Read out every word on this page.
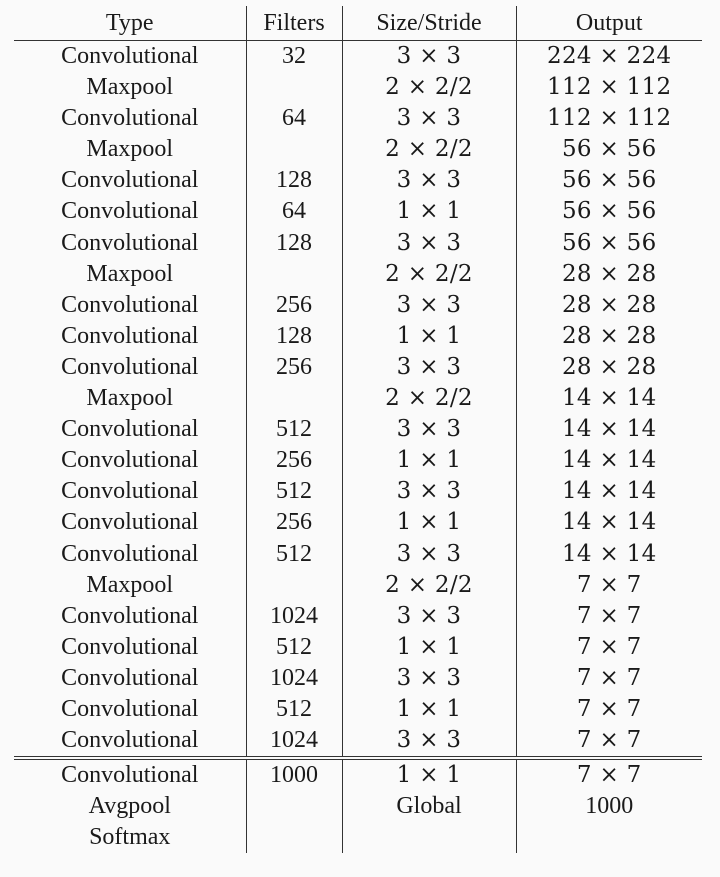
Type	Filters	Size/Stride	Output
Convolutional	32	3 × 3	224 × 224
Maxpool		2 × 2/2	112 × 112
Convolutional	64	3 × 3	112 × 112
Maxpool		2 × 2/2	56 × 56
Convolutional	128	3 × 3	56 × 56
Convolutional	64	1 × 1	56 × 56
Convolutional	128	3 × 3	56 × 56
Maxpool		2 × 2/2	28 × 28
Convolutional	256	3 × 3	28 × 28
Convolutional	128	1 × 1	28 × 28
Convolutional	256	3 × 3	28 × 28
Maxpool		2 × 2/2	14 × 14
Convolutional	512	3 × 3	14 × 14
Convolutional	256	1 × 1	14 × 14
Convolutional	512	3 × 3	14 × 14
Convolutional	256	1 × 1	14 × 14
Convolutional	512	3 × 3	14 × 14
Maxpool		2 × 2/2	7 × 7
Convolutional	1024	3 × 3	7 × 7
Convolutional	512	1 × 1	7 × 7
Convolutional	1024	3 × 3	7 × 7
Convolutional	512	1 × 1	7 × 7
Convolutional	1024	3 × 3	7 × 7
Convolutional	1000	1 × 1	7 × 7
Avgpool		Global	1000
Softmax			
